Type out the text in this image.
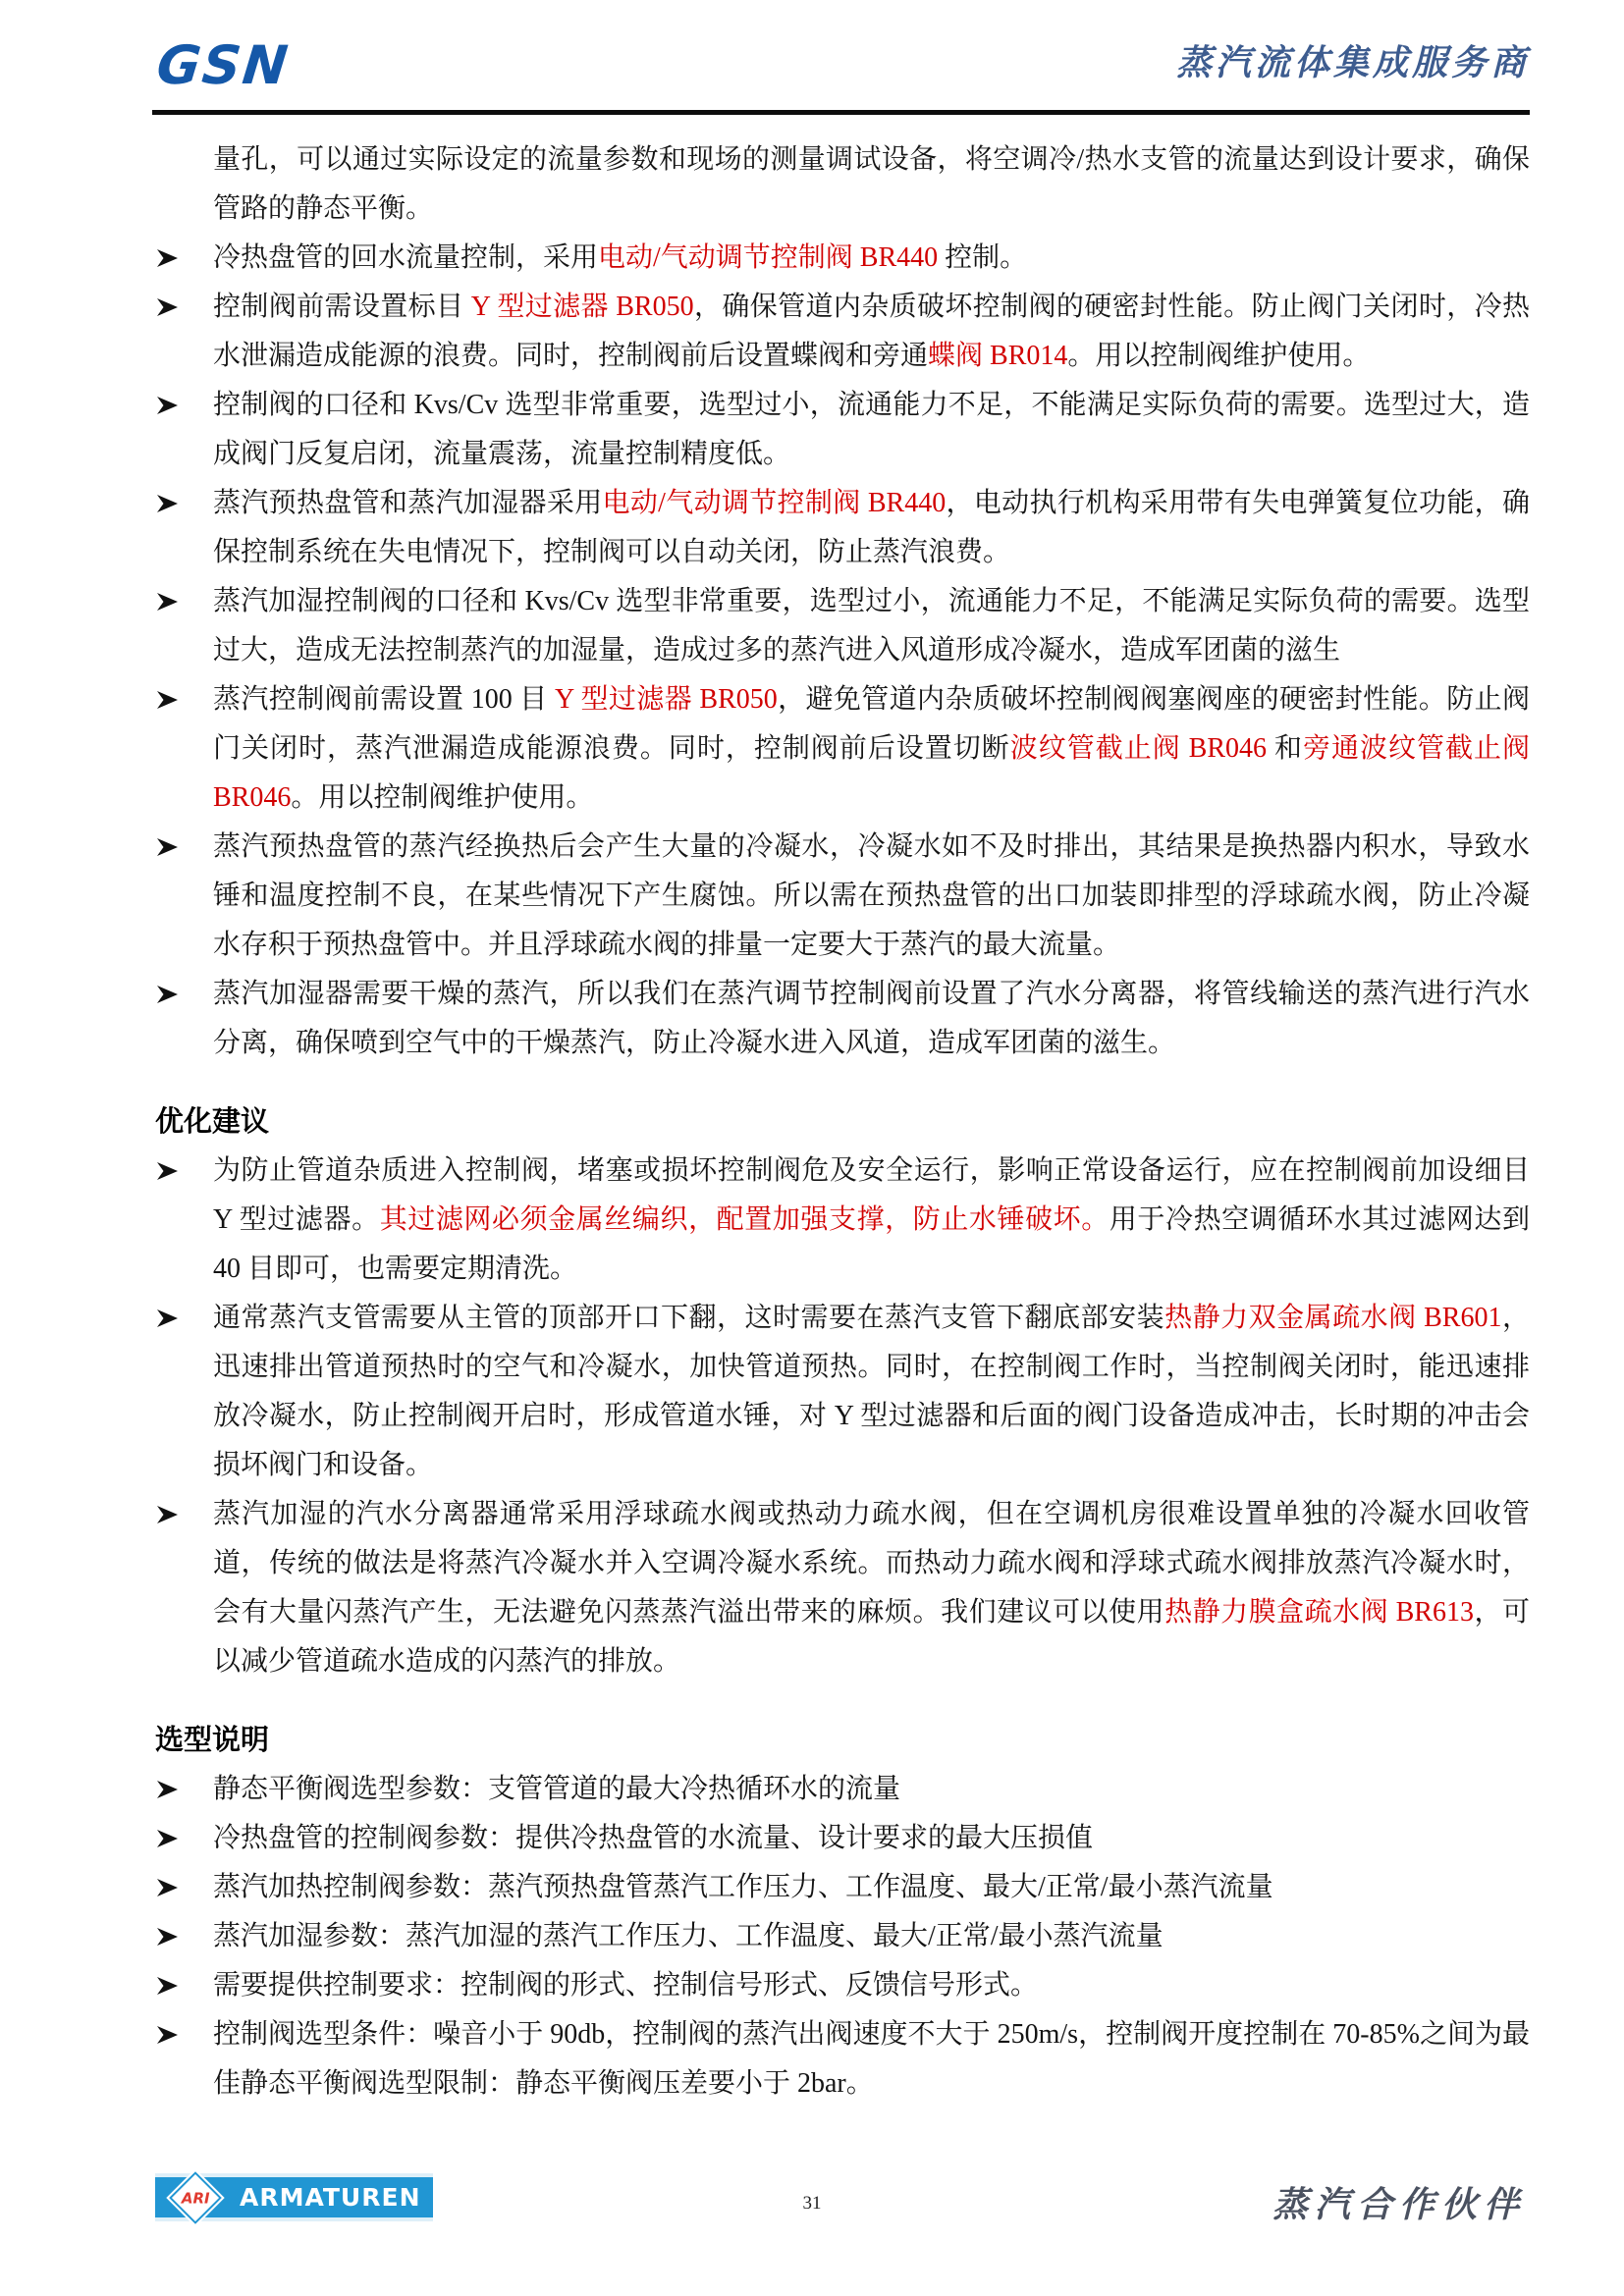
GSN	蒸汽流体集成服务商

量孔，可以通过实际设定的流量参数和现场的测量调试设备，将空调冷/热水支管的流量达到设计要求，确保管路的静态平衡。

冷热盘管的回水流量控制，采用电动/气动调节控制阀 BR440 控制。
控制阀前需设置标目 Y 型过滤器 BR050，确保管道内杂质破坏控制阀的硬密封性能。防止阀门关闭时，冷热水泄漏造成能源的浪费。同时，控制阀前后设置蝶阀和旁通蝶阀 BR014。用以控制阀维护使用。
控制阀的口径和 Kvs/Cv 选型非常重要，选型过小，流通能力不足，不能满足实际负荷的需要。选型过大，造成阀门反复启闭，流量震荡，流量控制精度低。
蒸汽预热盘管和蒸汽加湿器采用电动/气动调节控制阀 BR440，电动执行机构采用带有失电弹簧复位功能，确保控制系统在失电情况下，控制阀可以自动关闭，防止蒸汽浪费。
蒸汽加湿控制阀的口径和 Kvs/Cv 选型非常重要，选型过小，流通能力不足，不能满足实际负荷的需要。选型过大，造成无法控制蒸汽的加湿量，造成过多的蒸汽进入风道形成冷凝水，造成军团菌的滋生
蒸汽控制阀前需设置 100 目 Y 型过滤器 BR050，避免管道内杂质破坏控制阀阀塞阀座的硬密封性能。防止阀门关闭时，蒸汽泄漏造成能源浪费。同时，控制阀前后设置切断波纹管截止阀 BR046 和旁通波纹管截止阀 BR046。用以控制阀维护使用。
蒸汽预热盘管的蒸汽经换热后会产生大量的冷凝水，冷凝水如不及时排出，其结果是换热器内积水，导致水锤和温度控制不良，在某些情况下产生腐蚀。所以需在预热盘管的出口加装即排型的浮球疏水阀，防止冷凝水存积于预热盘管中。并且浮球疏水阀的排量一定要大于蒸汽的最大流量。
蒸汽加湿器需要干燥的蒸汽，所以我们在蒸汽调节控制阀前设置了汽水分离器，将管线输送的蒸汽进行汽水分离，确保喷到空气中的干燥蒸汽，防止冷凝水进入风道，造成军团菌的滋生。
优化建议
为防止管道杂质进入控制阀，堵塞或损坏控制阀危及安全运行，影响正常设备运行，应在控制阀前加设细目 Y 型过滤器。其过滤网必须金属丝编织，配置加强支撑，防止水锤破坏。用于冷热空调循环水其过滤网达到 40 目即可，也需要定期清洗。
通常蒸汽支管需要从主管的顶部开口下翻，这时需要在蒸汽支管下翻底部安装热静力双金属疏水阀 BR601，迅速排出管道预热时的空气和冷凝水，加快管道预热。同时，在控制阀工作时，当控制阀关闭时，能迅速排放冷凝水，防止控制阀开启时，形成管道水锤，对 Y 型过滤器和后面的阀门设备造成冲击，长时期的冲击会损坏阀门和设备。
蒸汽加湿的汽水分离器通常采用浮球疏水阀或热动力疏水阀，但在空调机房很难设置单独的冷凝水回收管道，传统的做法是将蒸汽冷凝水并入空调冷凝水系统。而热动力疏水阀和浮球式疏水阀排放蒸汽冷凝水时，会有大量闪蒸汽产生，无法避免闪蒸蒸汽溢出带来的麻烦。我们建议可以使用热静力膜盒疏水阀 BR613，可以减少管道疏水造成的闪蒸汽的排放。
选型说明
静态平衡阀选型参数：支管管道的最大冷热循环水的流量
冷热盘管的控制阀参数：提供冷热盘管的水流量、设计要求的最大压损值
蒸汽加热控制阀参数：蒸汽预热盘管蒸汽工作压力、工作温度、最大/正常/最小蒸汽流量
蒸汽加湿参数：蒸汽加湿的蒸汽工作压力、工作温度、最大/正常/最小蒸汽流量
需要提供控制要求：控制阀的形式、控制信号形式、反馈信号形式。
控制阀选型条件：噪音小于 90db，控制阀的蒸汽出阀速度不大于 250m/s，控制阀开度控制在 70-85%之间为最佳静态平衡阀选型限制：静态平衡阀压差要小于 2bar。
ARI ARMATUREN	31	蒸汽合作伙伴
